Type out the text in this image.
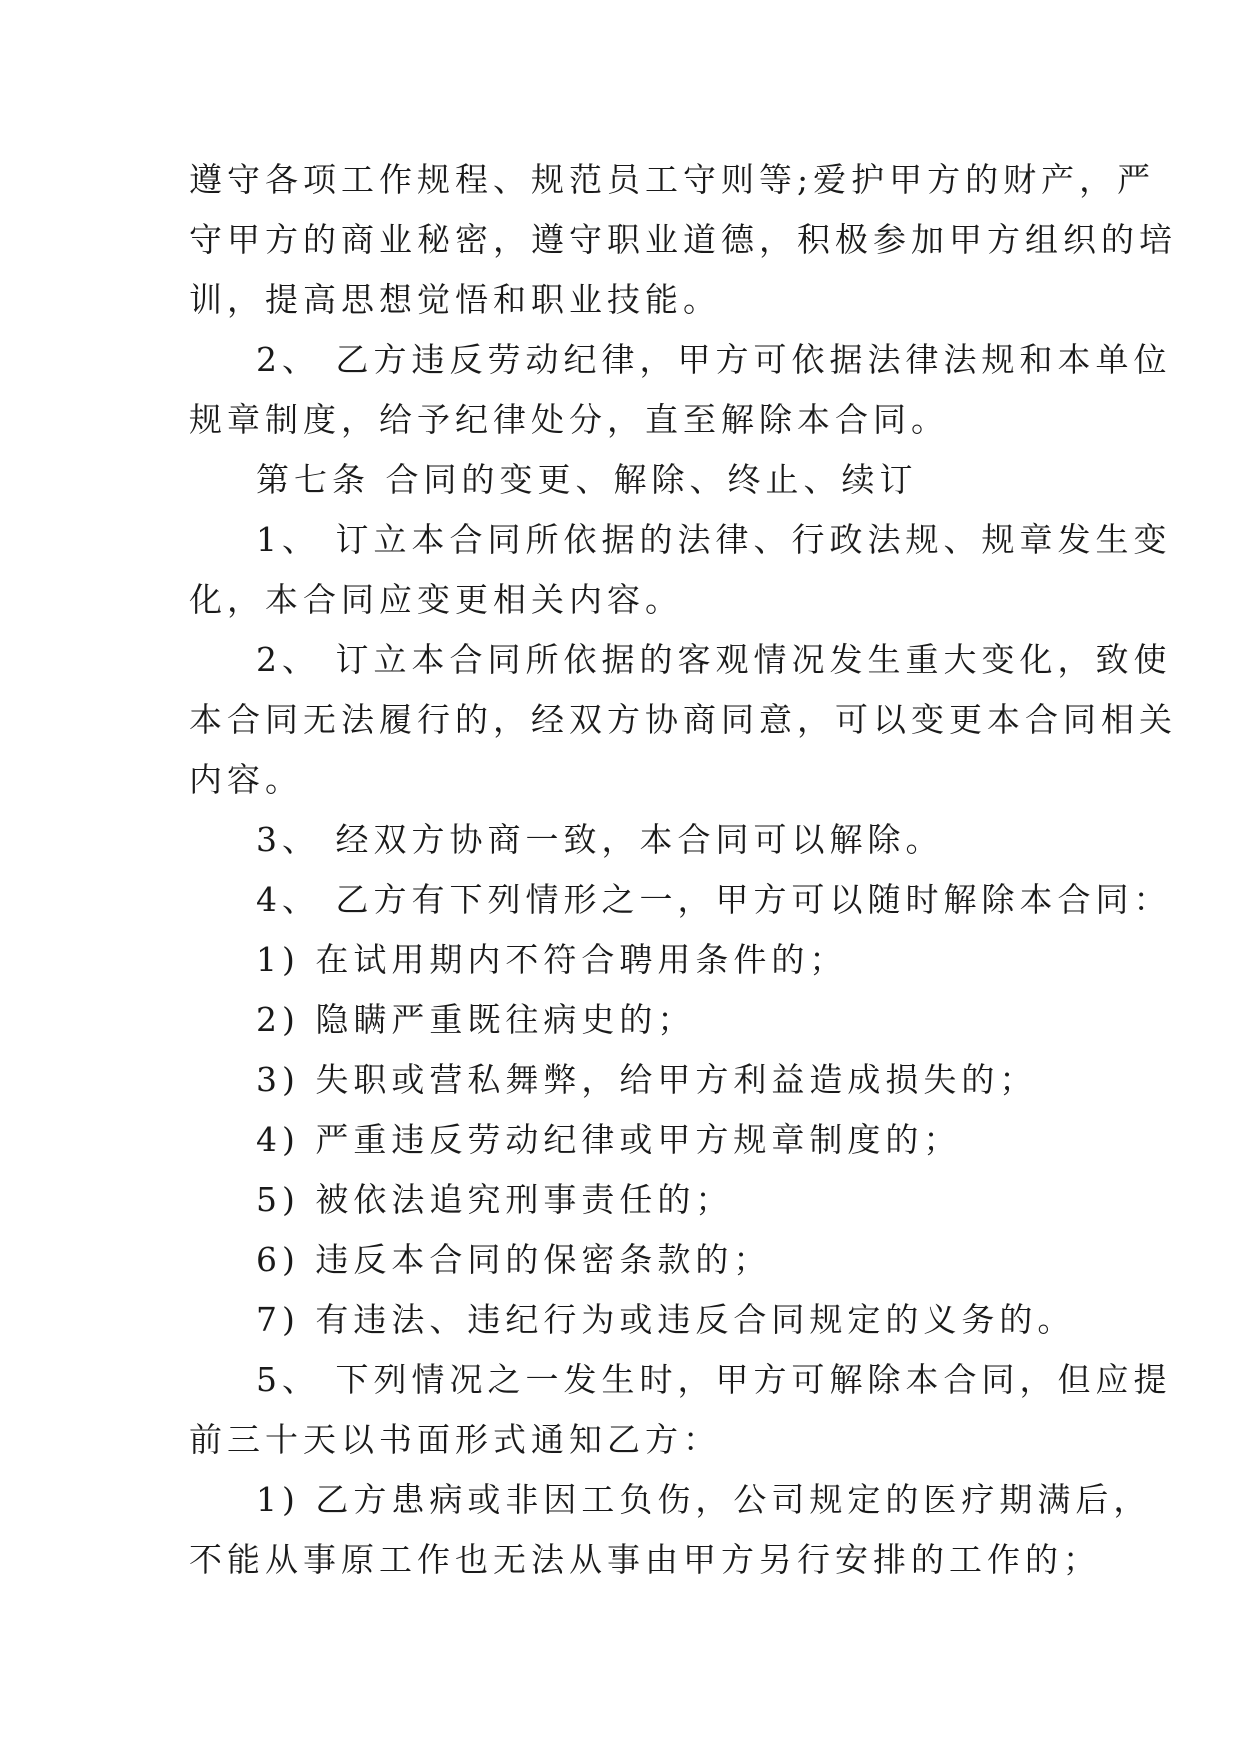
遵守各项工作规程、规范员工守则等;爱护甲方的财产，严
守甲方的商业秘密，遵守职业道德，积极参加甲方组织的培
训，提高思想觉悟和职业技能。
2、 乙方违反劳动纪律，甲方可依据法律法规和本单位
规章制度，给予纪律处分，直至解除本合同。
第七条 合同的变更、解除、终止、续订
1、 订立本合同所依据的法律、行政法规、规章发生变
化，本合同应变更相关内容。
2、 订立本合同所依据的客观情况发生重大变化，致使
本合同无法履行的，经双方协商同意，可以变更本合同相关
内容。
3、 经双方协商一致，本合同可以解除。
4、 乙方有下列情形之一，甲方可以随时解除本合同：
1) 在试用期内不符合聘用条件的；
2) 隐瞒严重既往病史的；
3) 失职或营私舞弊，给甲方利益造成损失的；
4) 严重违反劳动纪律或甲方规章制度的；
5) 被依法追究刑事责任的；
6) 违反本合同的保密条款的；
7) 有违法、违纪行为或违反合同规定的义务的。
5、 下列情况之一发生时，甲方可解除本合同，但应提
前三十天以书面形式通知乙方：
1) 乙方患病或非因工负伤，公司规定的医疗期满后，
不能从事原工作也无法从事由甲方另行安排的工作的；
